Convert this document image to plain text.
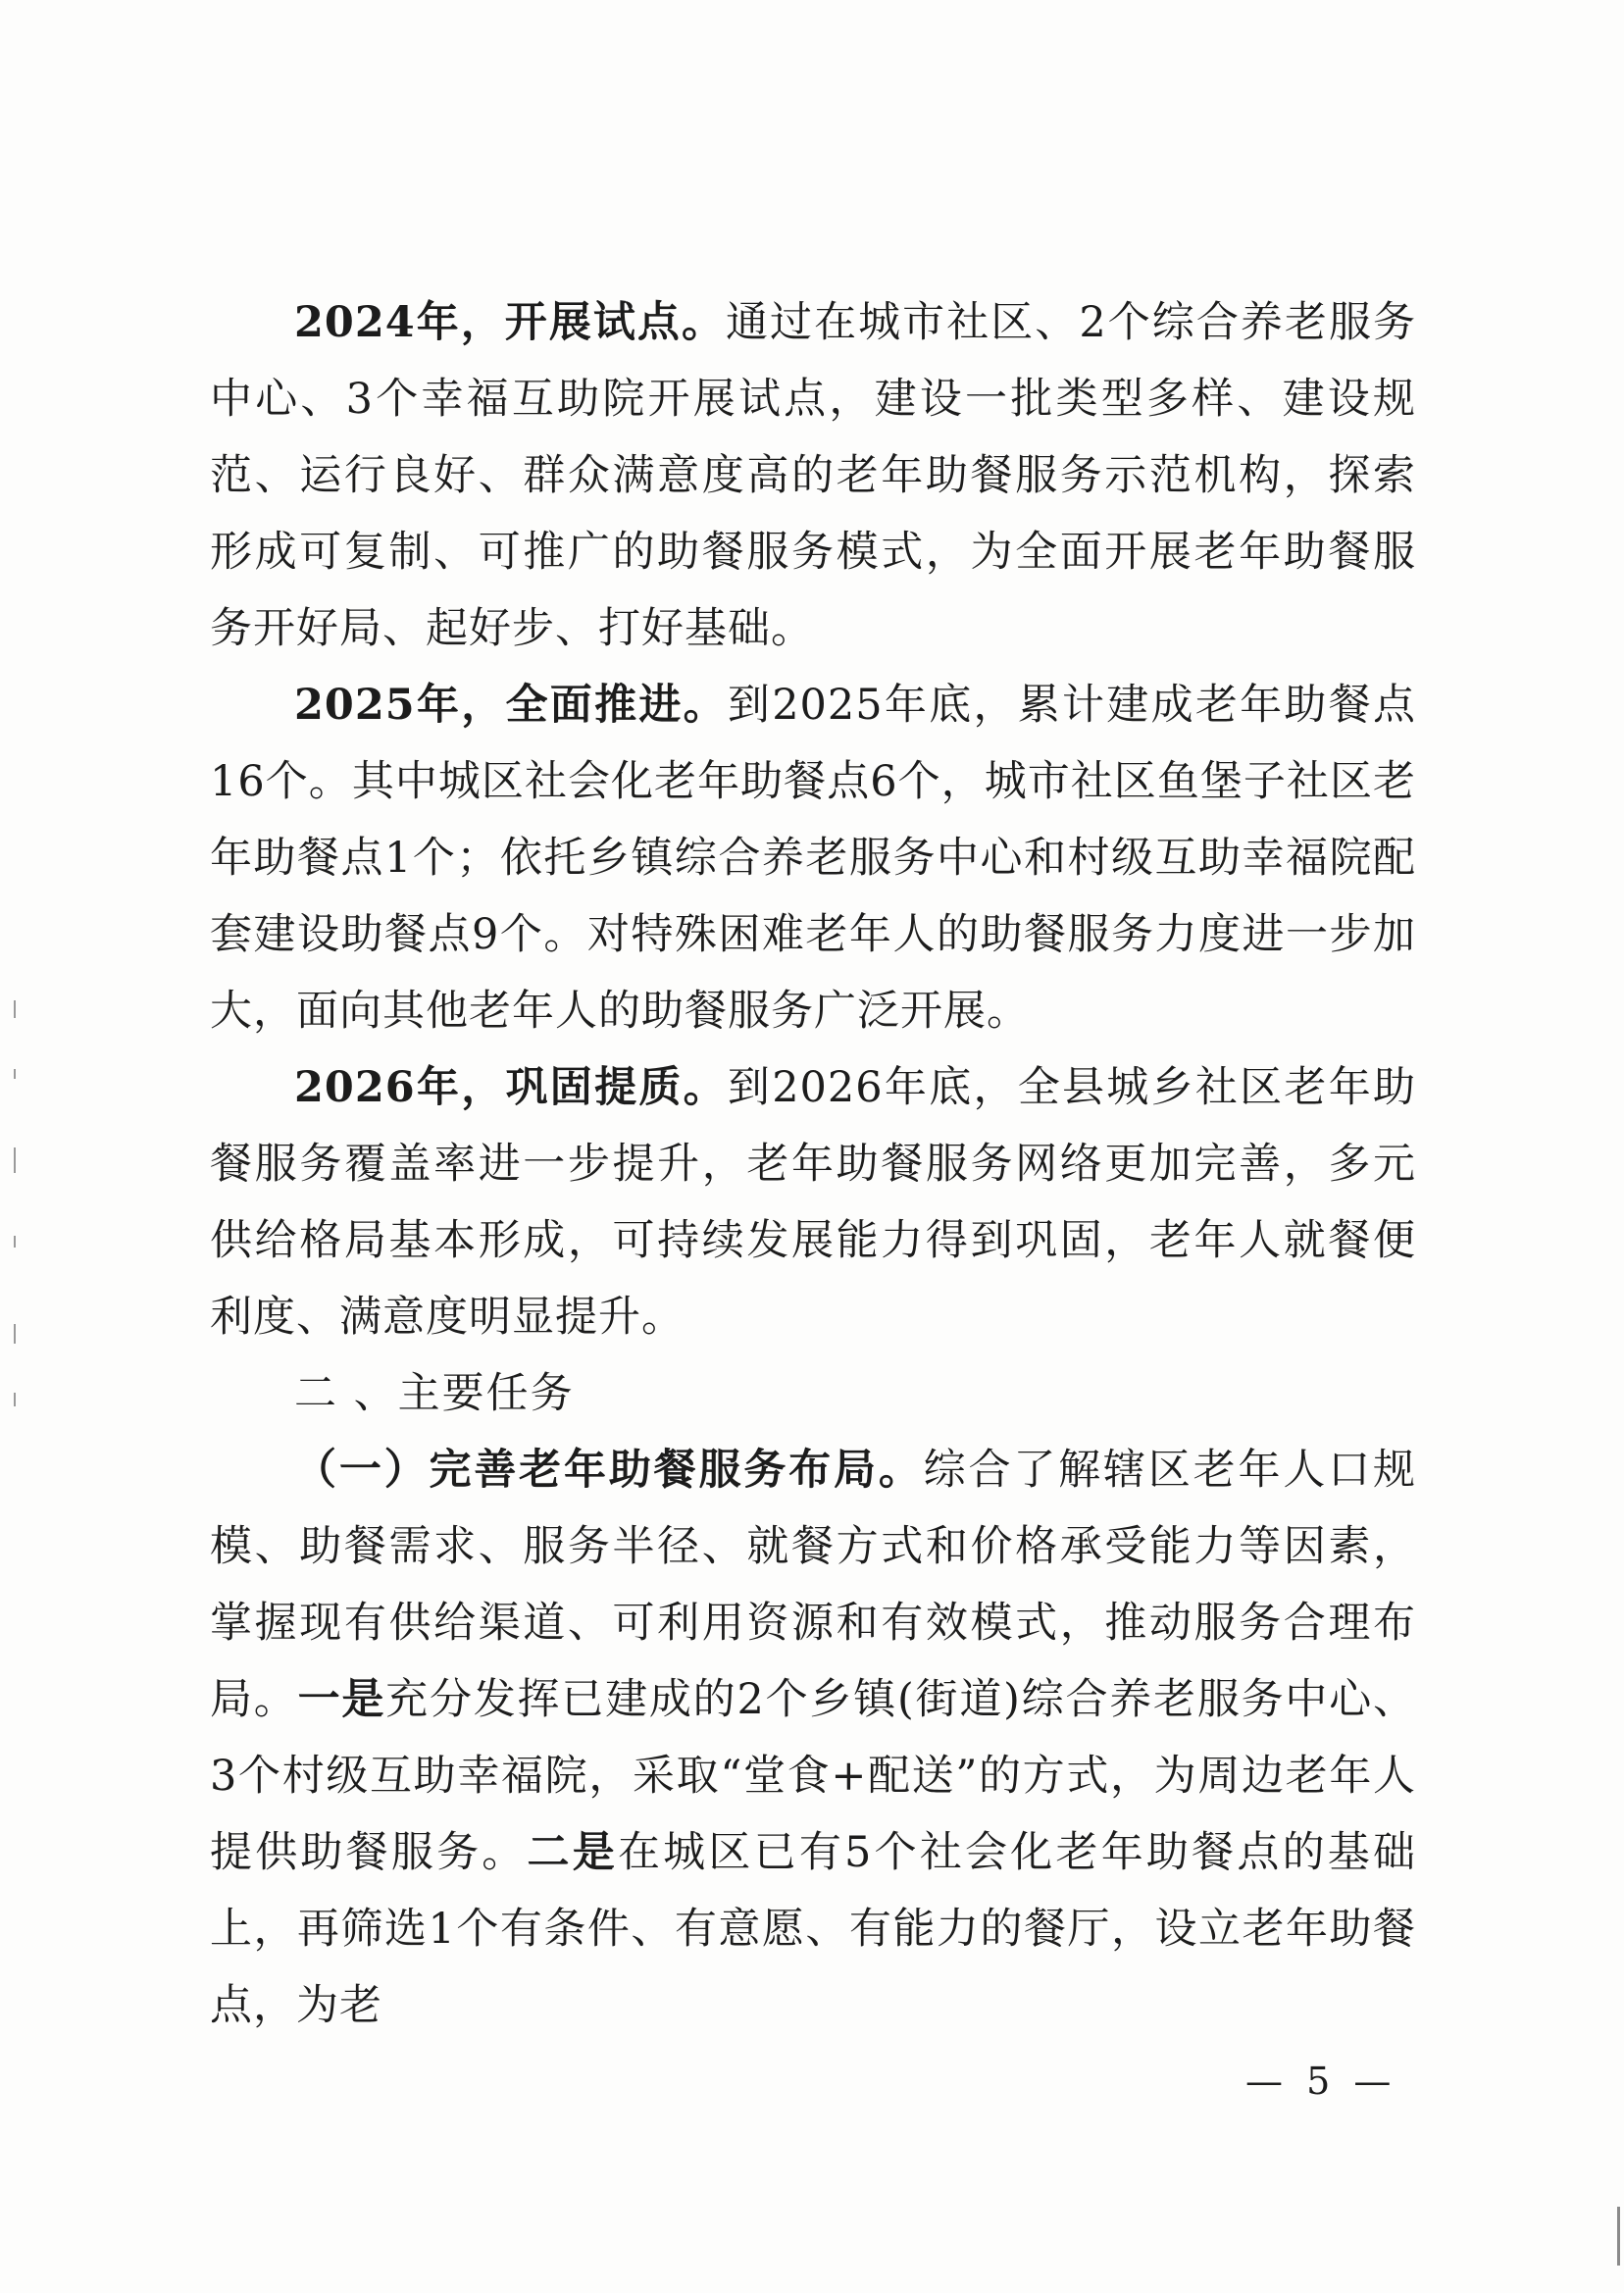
2024年，开展试点。通过在城市社区、2个综合养老服务中心、3个幸福互助院开展试点，建设一批类型多样、建设规范、运行良好、群众满意度高的老年助餐服务示范机构，探索形成可复制、可推广的助餐服务模式，为全面开展老年助餐服务开好局、起好步、打好基础。

2025年，全面推进。到2025年底，累计建成老年助餐点16个。其中城区社会化老年助餐点6个，城市社区鱼堡子社区老年助餐点1个；依托乡镇综合养老服务中心和村级互助幸福院配套建设助餐点9个。对特殊困难老年人的助餐服务力度进一步加大，面向其他老年人的助餐服务广泛开展。

2026年，巩固提质。到2026年底，全县城乡社区老年助餐服务覆盖率进一步提升，老年助餐服务网络更加完善，多元供给格局基本形成，可持续发展能力得到巩固，老年人就餐便利度、满意度明显提升。

二 、主要任务

（一）完善老年助餐服务布局。综合了解辖区老年人口规模、助餐需求、服务半径、就餐方式和价格承受能力等因素，掌握现有供给渠道、可利用资源和有效模式，推动服务合理布局。一是充分发挥已建成的2个乡镇(街道)综合养老服务中心、3个村级互助幸福院，采取“堂食+配送”的方式，为周边老年人提供助餐服务。二是在城区已有5个社会化老年助餐点的基础上，再筛选1个有条件、有意愿、有能力的餐厅，设立老年助餐点，为老

— 5 —
